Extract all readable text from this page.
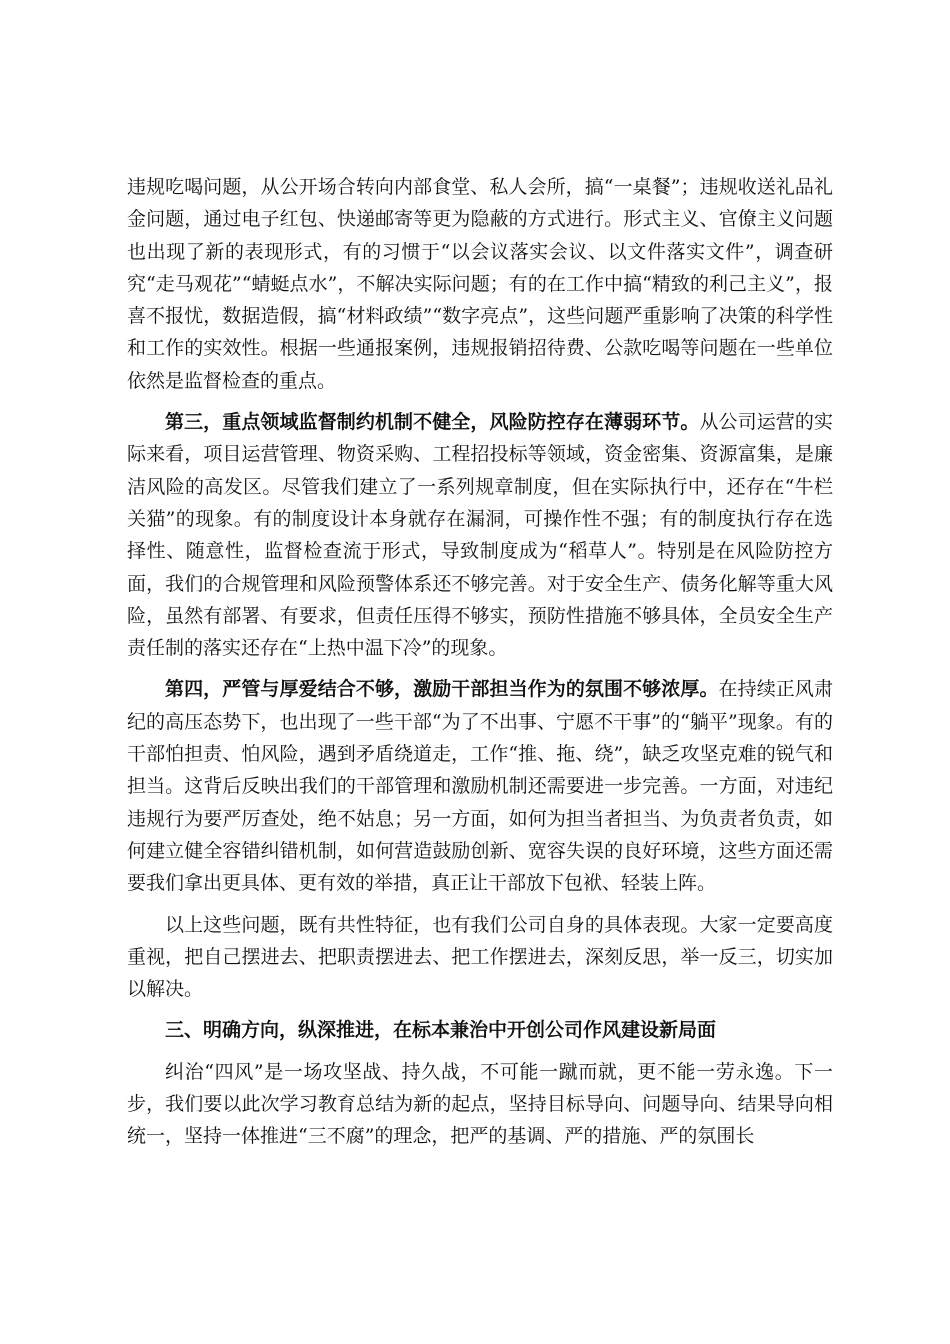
违规吃喝问题，从公开场合转向内部食堂、私人会所，搞“一桌餐”；违规收送礼品礼金问题，通过电子红包、快递邮寄等更为隐蔽的方式进行。形式主义、官僚主义问题也出现了新的表现形式，有的习惯于“以会议落实会议、以文件落实文件”，调查研究“走马观花”“蜻蜓点水”，不解决实际问题；有的在工作中搞“精致的利己主义”，报喜不报忧，数据造假，搞“材料政绩”“数字亮点”，这些问题严重影响了决策的科学性和工作的实效性。根据一些通报案例，违规报销招待费、公款吃喝等问题在一些单位依然是监督检查的重点。

第三，重点领域监督制约机制不健全，风险防控存在薄弱环节。从公司运营的实际来看，项目运营管理、物资采购、工程招投标等领域，资金密集、资源富集，是廉洁风险的高发区。尽管我们建立了一系列规章制度，但在实际执行中，还存在“牛栏关猫”的现象。有的制度设计本身就存在漏洞，可操作性不强；有的制度执行存在选择性、随意性，监督检查流于形式，导致制度成为“稻草人”。特别是在风险防控方面，我们的合规管理和风险预警体系还不够完善。对于安全生产、债务化解等重大风险，虽然有部署、有要求，但责任压得不够实，预防性措施不够具体，全员安全生产责任制的落实还存在“上热中温下冷”的现象。

第四，严管与厚爱结合不够，激励干部担当作为的氛围不够浓厚。在持续正风肃纪的高压态势下，也出现了一些干部“为了不出事、宁愿不干事”的“躺平”现象。有的干部怕担责、怕风险，遇到矛盾绕道走，工作“推、拖、绕”，缺乏攻坚克难的锐气和担当。这背后反映出我们的干部管理和激励机制还需要进一步完善。一方面，对违纪违规行为要严厉查处，绝不姑息；另一方面，如何为担当者担当、为负责者负责，如何建立健全容错纠错机制，如何营造鼓励创新、宽容失误的良好环境，这些方面还需要我们拿出更具体、更有效的举措，真正让干部放下包袱、轻装上阵。

以上这些问题，既有共性特征，也有我们公司自身的具体表现。大家一定要高度重视，把自己摆进去、把职责摆进去、把工作摆进去，深刻反思，举一反三，切实加以解决。

三、明确方向，纵深推进，在标本兼治中开创公司作风建设新局面

纠治“四风”是一场攻坚战、持久战，不可能一蹴而就，更不能一劳永逸。下一步，我们要以此次学习教育总结为新的起点，坚持目标导向、问题导向、结果导向相统一，坚持一体推进“三不腐”的理念，把严的基调、严的措施、严的氛围长
